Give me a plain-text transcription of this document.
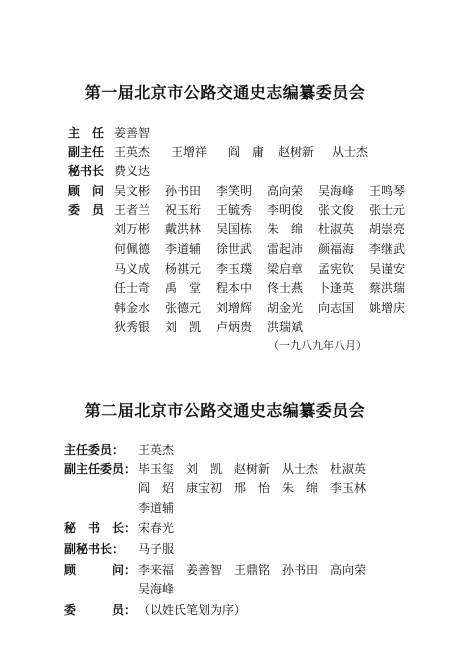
第一届北京市公路交通史志编纂委员会
主　任 姜善智
副主任 王英杰 王增祥 阎　庸 赵树新 从士杰
秘书长 费义达
顾　问 吴文彬 孙书田 李笑明 高向荣 吴海峰 王鸣琴
委　员 王者兰 祝玉珩 王毓秀 李明俊 张文俊 张士元
刘万彬 戴洪林 吴国栋 朱　绵 杜淑英 胡崇亮
何佩德 李道辅 徐世武 雷起沛 颜福海 李继武
马义成 杨祺元 李玉璞 梁启章 孟宪钦 吴谨安
任士奇 禹　堂 程本中 佟士燕 卜逢英 蔡洪瑞
韩金水 张德元 刘增辉 胡金光 向志国 姚增庆
狄秀银 刘　凯 卢炳贵 洪瑞斌
（一九八九年八月）
第二届北京市公路交通史志编纂委员会
主任委员： 王英杰
副主任委员： 毕玉玺 刘　凯 赵树新 从士杰 杜淑英
阎　炤 康宝初 邢　怡 朱　绵 李玉林
李道辅
秘　书　长： 宋春光
副秘书长： 马子服
顾　　　问： 李来福 姜善智 王鼎铭 孙书田 高向荣
吴海峰
委　　　员： （以姓氏笔划为序）
